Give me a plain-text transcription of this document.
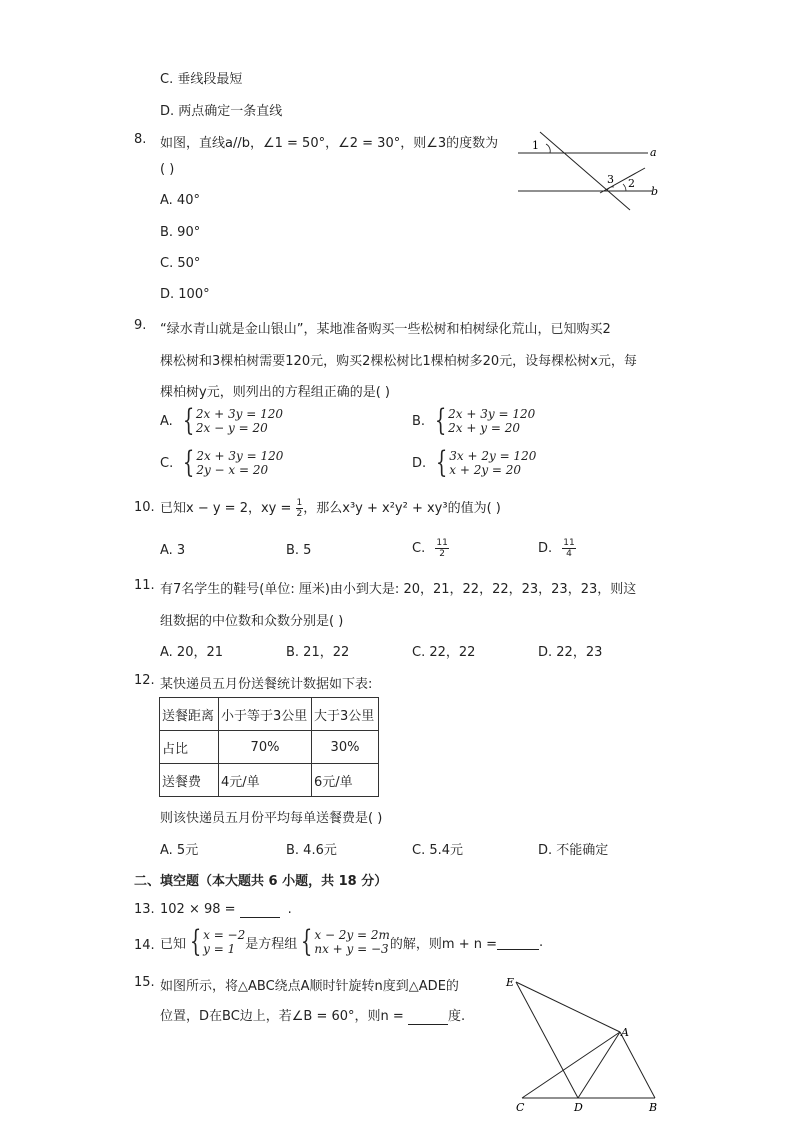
C. 垂线段最短
D. 两点确定一条直线
8. 如图，直线a//b，∠1 = 50°，∠2 = 30°，则∠3的度数为
( )
A. 40°
B. 90°
C. 50°
D. 100°
1
2
3
a
b
9. “绿水青山就是金山银山”，某地准备购买一些松树和柏树绿化荒山，已知购买2
棵松树和3棵柏树需要120元，购买2棵松树比1棵柏树多20元，设每棵松树x元，每
棵柏树y元，则列出的方程组正确的是( )
A. { 2x + 3y = 120
2x − y = 20	B. { 2x + 3y = 120
2x + y = 20
C. { 2x + 3y = 120
2y − x = 20	D. { 3x + 2y = 120
x + 2y = 20
10. 已知x − y = 2，xy = $\frac{1}{2}$ ，那么x³y + x²y² + xy³的值为( )
A. 3	B. 5	C. $\frac{11}{2}$	D. $\frac{11}{4}$
11. 有7名学生的鞋号(单位: 厘米)由小到大是: 20，21，22，22，23，23，23，则这
组数据的中位数和众数分别是( )
A. 20，21	B. 21，22	C. 22，22	D. 22，23
12. 某快递员五月份送餐统计数据如下表:
送餐距离	小于等于3公里	大于3公里
占比	70%	30%
送餐费	4元/单	6元/单
则该快递员五月份平均每单送餐费是( )
A. 5元	B. 4.6元	C. 5.4元	D. 不能确定
二、填空题（本大题共 6 小题，共 18 分）
13. 102 × 98 =	.
14. 已知 { x = −2
y = 1 是方程组 { x − 2y = 2m
nx + y = −3 的解，则m + n =
	.
15. 如图所示，将△ABC绕点A顺时针旋转n度到△ADE的
位置，D在BC边上，若∠B = 60°，则n =	度.
E
A
C	D	B
